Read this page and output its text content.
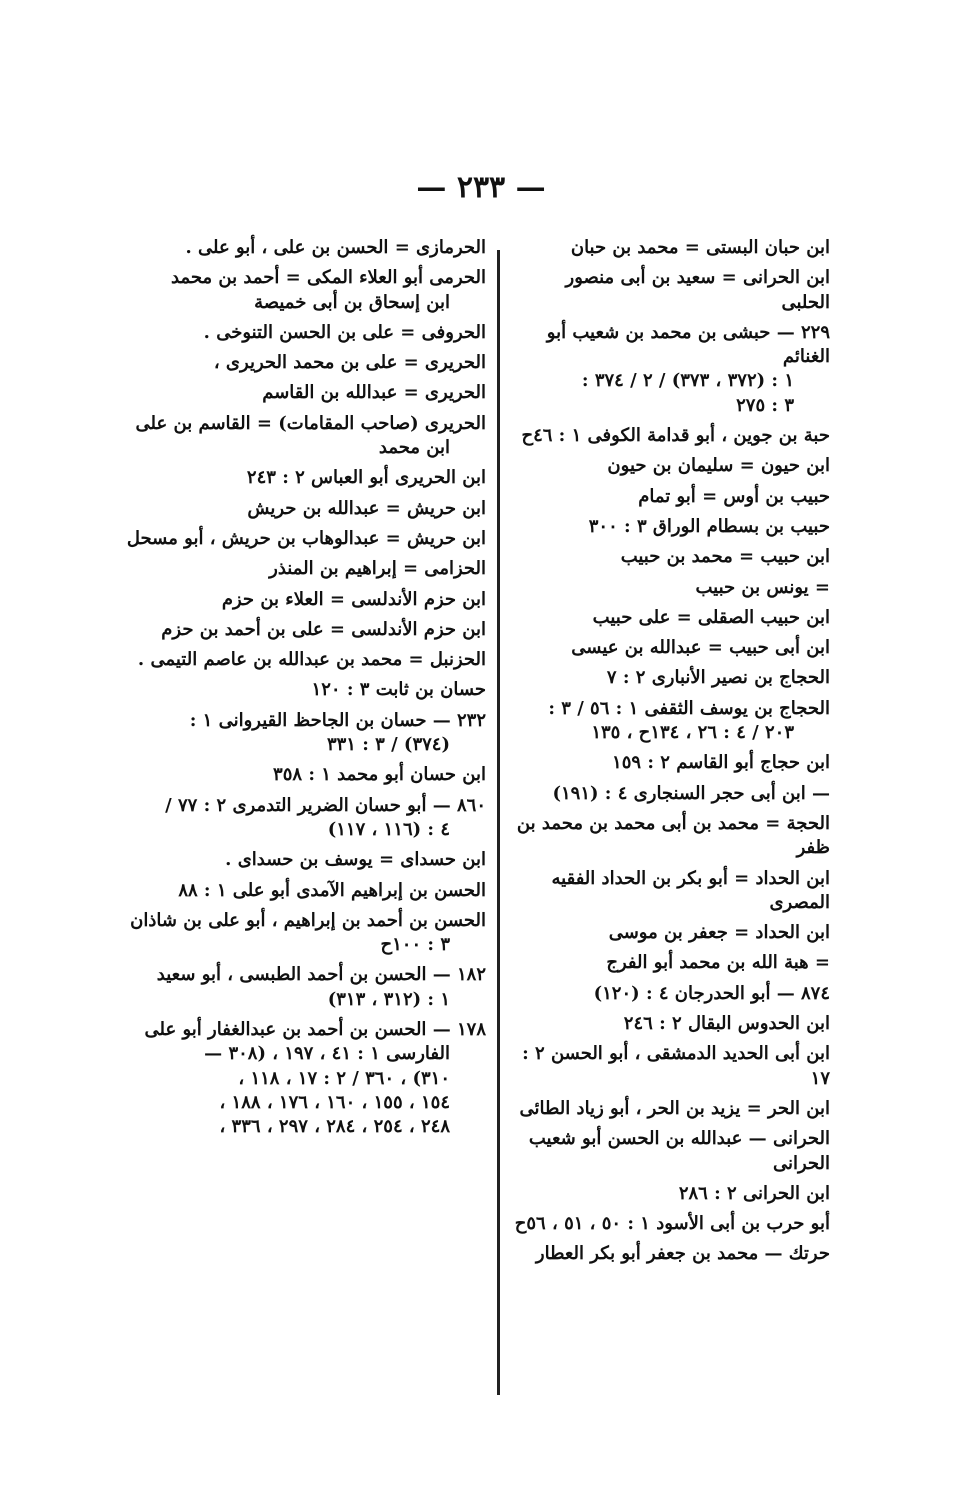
— ٢٣٣ —
ابن حبان البستى = محمد بن حبان
ابن الحرانى = سعيد بن أبى منصور الحلبى
٢٢٩ — حبشى بن محمد بن شعيب أبو الغنائم
١ : (٣٧٢ ، ٣٧٣) / ٢ / ٣٧٤ :
٣ : ٢٧٥
حبة بن جوين ، أبو قدامة الكوفى ١ : ٤٦ح
ابن حيون = سليمان بن حيون
حبيب بن أوس = أبو تمام
حبيب بن بسطام الوراق ٣ : ٣٠٠
ابن حبيب = محمد بن حبيب
= يونس بن حبيب
ابن حبيب الصقلى = على حبيب
ابن أبى حبيب = عبدالله بن عيسى
الحجاج بن نصير الأنبارى ٢ : ٧
الحجاج بن يوسف الثقفى ١ : ٥٦ / ٣ :
٢٠٣ / ٤ : ٢٦ ، ١٣٤ح ، ١٣٥
ابن حجاج أبو القاسم ٢ : ١٥٩
— ابن أبى حجر السنجارى ٤ : (١٩١)
الحجة = محمد بن أبى محمد بن محمد بن ظفر
ابن الحداد = أبو بكر بن الحداد الفقيه المصرى
ابن الحداد = جعفر بن موسى
= هبة الله بن محمد أبو الفرج
٨٧٤ — أبو الحدرجان ٤ : (١٢٠)
ابن الحدوس البقال ٢ : ٢٤٦
ابن أبى الحديد الدمشقى ، أبو الحسن ٢ : ١٧
ابن الحر = يزيد بن الحر ، أبو زياد الطائى
الحرانى — عبدالله بن الحسن أبو شعيب الحرانى
ابن الحرانى ٢ : ٢٨٦
أبو حرب بن أبى الأسود ١ : ٥٠ ، ٥١ ، ٥٦ح
حرتك — محمد بن جعفر أبو بكر العطار
الحرمازى = الحسن بن على ، أبو على .
الحرمى أبو العلاء المكى = أحمد بن محمد
ابن إسحاق بن أبى خميصة
الحروفى = على بن الحسن التنوخى .
الحريرى = على بن محمد الحريرى ،
الحريرى = عبدالله بن القاسم
الحريرى (صاحب المقامات) = القاسم بن على
ابن محمد
ابن الحريرى أبو العباس ٢ : ٢٤٣
ابن حريش = عبدالله بن حريش
ابن حريش = عبدالوهاب بن حريش ، أبو مسحل
الحزامى = إبراهيم بن المنذر
ابن حزم الأندلسى = العلاء بن حزم
ابن حزم الأندلسى = على بن أحمد بن حزم
الحزنبل = محمد بن عبدالله بن عاصم التيمى .
حسان بن ثابت ٣ : ١٢٠
٢٣٢ — حسان بن الجاحظ القيروانى ١ :
(٣٧٤) / ٣ : ٣٣١
ابن حسان أبو محمد ١ : ٣٥٨
٨٦٠ — أبو حسان الضرير التدمرى ٢ : ٧٧ /
٤ : (١١٦ ، ١١٧)
ابن حسداى = يوسف بن حسداى .
الحسن بن إبراهيم الآمدى أبو على ١ : ٨٨
الحسن بن أحمد بن إبراهيم ، أبو على بن شاذان
٣ : ١٠٠ح
١٨٢ — الحسن بن أحمد الطبسى ، أبو سعيد
١ : (٣١٢ ، ٣١٣)
١٧٨ — الحسن بن أحمد بن عبدالغفار أبو على
الفارسى ١ : ٤١ ، ١٩٧ ، (٣٠٨ —
٣١٠) ، ٣٦٠ / ٢ : ١٧ ، ١١٨ ،
١٥٤ ، ١٥٥ ، ١٦٠ ، ١٧٦ ، ١٨٨ ،
٢٤٨ ، ٢٥٤ ، ٢٨٤ ، ٢٩٧ ، ٣٣٦ ،
